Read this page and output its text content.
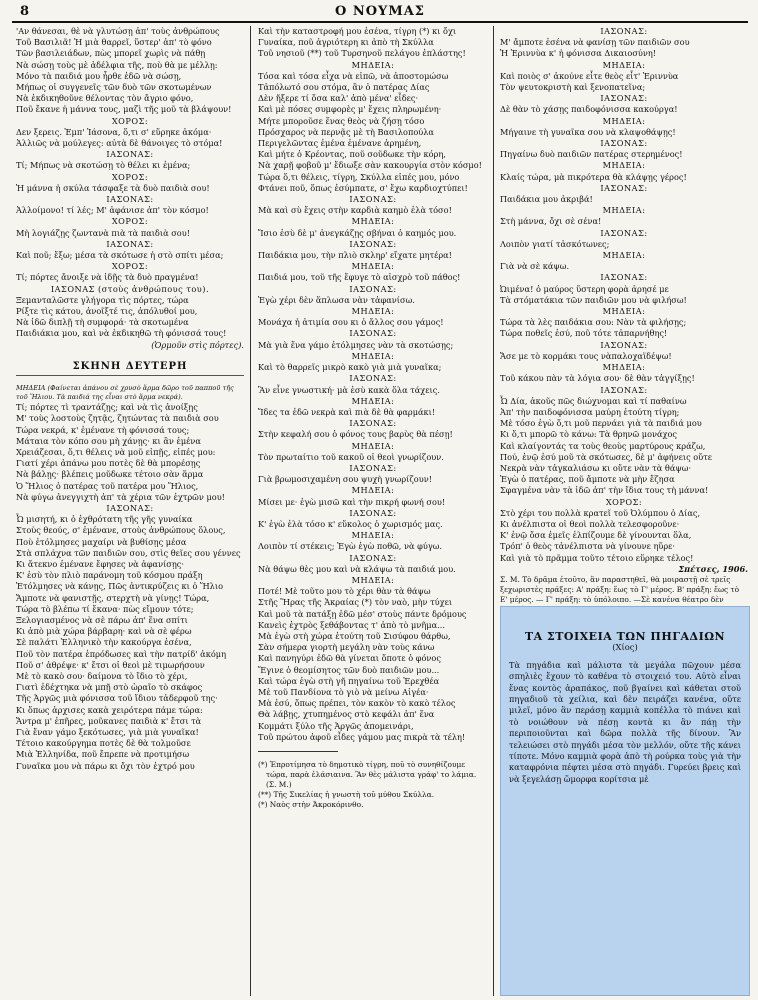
8	Ο ΝΟΥΜΑΣ
'Αν θάνεσαι, θὲ νὰ γλυτώσῃ ἀπ' τοὺς ἀνθρώπους
Τοῦ Βασιλιᾶ! Ἡ μιὰ θαρρεῖ, ὕστερ' ἀπ' τὸ φόνο
Τῶν βασιλειάδων, πὼς μπορεῖ χωρὶς νὰ πάθῃ
Νὰ σώσῃ τοὺς μὲ ἀδέλφια τῆς, ποὺ θὰ με μέλλῃ:
Μόνο τὰ παιδιά μου ἦρθε ἐδῶ νὰ σώσῃ,
Μήπως οἱ συγγενεῖς τῶν δυὸ τῶν σκοτωμένων
Νὰ ἐκδικηθοῦνε θέλοντας τὸν ἄγριο φόνο,
Ποῦ ἔκανε ἡ μάννα τους, μαζὶ τῆς μοῦ τὰ βλάψουν!
ΧΟΡΟΣ:
Δεν ξερεις. Ἐμπ' Ἰάσονα, ὅ,τι σ' εὕρηκε ἀκόμα·
Ἀλλιῶς νὰ μούλεγες: αὐτὰ δὲ θάνοιγες τὸ στόμα!
ΙΑΣΟΝΑΣ:
Τί; Μήπως νὰ σκοτώσῃ τὸ θέλει κι ἐμένα;
ΧΟΡΟΣ:
Ἡ μάννα ἡ σκύλα τάσφαξε τὰ δυὸ παιδιὰ σου!
ΙΑΣΟΝΑΣ:
Ἀλλοίμονο! τί λές; Μ' ἀφάνισε ἀπ' τὸν κόσμο!
ΧΟΡΟΣ:
Μὴ λογιάζῃς ζωντανὰ πιὰ τὰ παιδιὰ σου!
ΙΑΣΟΝΑΣ:
Καὶ ποῦ; ἔξω; μέσα τὰ σκότωσε ἡ στὸ σπίτι μέσα;
ΧΟΡΟΣ:
Τί; πόρτες ἄνοιξε νὰ ἰδῇς τὰ δυὸ πραγμένα!
ΙΑΣΟΝΑΣ (στοὺς ἀνθρώπους του).
Ξεμανταλῶστε γλήγορα τὶς πόρτες, τώρα
Ρίξτε τὶς κάτου, ἀνοῖξτέ τις, ἀπόλυθοί μου,
Νὰ ἰδῶ διπλῇ τὴ συμφορά· τὰ σκοτωμένα
Παιδιάκια μου, καὶ νὰ ἐκδικηθῶ τὴ φόνισσά τους!
(Ὁρμοῦν στὶς πόρτες).
ΣΚΗΝΗ ΔΕΥΤΕΡΗ
ΜΗΔΕΙΑ (Φαίνεται ἀπάνου σὲ χρυσὸ ἅρμα δῶρο τοῦ παπποῦ τῆς τοῦ Ἥλιου. Τὰ παιδιά της εἶναι στὸ ἅρμα νεκρά).
Τί; πόρτες τὶ τραντάζῃς; καὶ νὰ τὶς ἀνοίξῃς
Μ' τοὺς λοστοὺς ζητᾷς, ζητώντας τὰ παιδιὰ σου
Τώρα νεκρά, κ' ἐμένανε τὴ φόνισσά τους;
Μάταια τὸν κόπο σου μὴ χάνῃς· κι ἂν ἐμένα
Χρειάζεσαι, ὅ,τι θέλεις νὰ μοῦ εἰπῇς, εἰπές μου:
Γιατί χέρι ἀπάνω μου ποτὲς δὲ θὰ μπορέσῃς
Νὰ βάλῃς· βλέπεις μοῦδωκε τέτοιο σὰν ἅρμα
Ὁ Ἥλιος ὁ πατέρας τοῦ πατέρα μου Ἥλιος,
Νὰ φύγω ἀνεγγιχτὴ ἀπ' τὰ χέρια τῶν ἐχτρῶν μου!
ΙΑΣΟΝΑΣ:
Ὦ μισητή, κι ὁ ἐχθρότατη τῆς γῆς γυναίκα
Στοὺς θεούς, σ' ἐμένανε, στοὺς ἀνθρώπους ὅλους,
Ποὺ ἐτόλμησες μαχαίρι νὰ βυθίσῃς μέσα
Στὰ σπλάχνα τῶν παιδιῶν σου, στὶς θεῖες σου γέννες
Κι ἄτεκνο ἐμένανε ἔφησες νὰ ἀφανίσῃς·
Κ' ἐσὺ τὸν πλιὸ παράνομη τοῦ κόσμου πράξη
Ἐτόλμησες νὰ κάνῃς, Πῶς ἀντικρύζεις κι ὁ Ἥλιο
Ἄμποτε νὰ φανιστῇς, στερχτὴ νὰ γίνῃς! Τώρα,
Τώρα τὸ βλέπω τί ἔκανα· πὼς εἴμουν τότε;
Ξελογιασμένος νὰ σὲ πάρω ἀπ' ἕνα σπίτι
Κι ἀπὸ μιὰ χώρα βάρβαρη· καὶ νὰ σὲ φέρω
Σὲ παλάτι Ἑλληνικὸ τὴν κακούργα ἐσένα,
Ποῦ τὸν πατέρα ἐπρόδωσες καὶ τὴν πατρίδ' ἀκόμη
Ποῦ σ' ἀθρέψε· κ' ἔτσι οἱ θεοὶ μὲ τιμωρήσουν
Μὲ τὸ κακὸ σου· δαίμονα τὸ ἴδιο τὸ χέρι,
Γιατὶ ἐδέχτηκα νὰ μπῇ στὸ ὡραῖο τὸ σκάφος
Τῆς Ἀργῶς μιὰ φόνισσα τοῦ ἴδιου τἀδερφοῦ της·
Κι ὅπως ἀρχισες κακὰ χειρότερα πάμε τώρα:
Ἄντρα μ' ἐπῆρες, μοῦκανες παιδιὰ κ' ἔτσι τὰ
Γιὰ ἔναν γάμο ξεκότωσες, γιὰ μιὰ γυναῖκα!
Τέτοιο κακούργημα ποτὲς δὲ θὰ τολμοῦσε
Μιὰ Ἑλληνίδα, ποῦ ἔπρεπε νὰ προτιμήσω
Γυναῖκα μου νὰ πάρω κι ὄχι τὸν ἐχτρό μου
Καὶ τὴν καταστροφή μου ἐσένα, τίγρη (*) κι ὄχι
Γυναίκα, ποῦ ἀγριότερη κι ἀπὸ τὴ Σκύλλα
Τοῦ νησιοῦ (**) τοῦ Τυρσηνοῦ πελάγου ἐπλάστης!
ΜΗΔΕΙΑ:
Τόσα καὶ τόσα εἶχα νὰ εἰπῶ, νὰ ἀποστομώσω
Τἀπόλωτό σου στόμα, ἂν ὁ πατέρας Δίας
Δὲν ἤξερε τί ὅσα καλ' ἀπὸ μένα' εἶδες·
Καὶ μὲ πόσες συμφορὲς μ' ἔχεις πληρωμένη·
Μήτε μποροῦσε ἕνας θεὸς νὰ ζήσῃ τόσο
Πρόσχαρος νὰ περνᾷς μὲ τὴ Βασιλοπούλα
Περιγελῶντας ἐμένα ἐμένανε ἀρημένη,
Καὶ μήτε ὁ Κρέοντας, ποῦ σοῦδωκε τὴν κόρη,
Νὰ χαρῇ φοβοῦ μ' ἔδιωξε σὰν κακουργία στὸν κόσμο!
Τώρα ὅ,τι θέλεις, τίγρη, Σκύλλα εἰπές μου, μόνο
Φτάνει ποῦ, ὅπως ἐσύμπατε, σ' ἔχω καρδιοχτύπει!
ΙΑΣΟΝΑΣ:
Μὰ καὶ σὺ ἔχεις στὴν καρδιὰ καημὸ ἐλὰ τόσο!
ΜΗΔΕΙΑ:
Ἴσιο ἐσὺ δὲ μ' ἀνεγκάζῃς σβήναι ὁ καημός μου.
ΙΑΣΟΝΑΣ:
Παιδάκια μου, τὴν πλιὸ σκληρ' εἴχατε μητέρα!
ΜΗΔΕΙΑ:
Παιδιά μου, τοῦ τῆς ἔφυγε τὸ αἰσχρὸ τοῦ πάθος!
ΙΑΣΟΝΑΣ:
Ἐγὼ χέρι δὲν ἅπλωσα νὰν τἀφανίσω.
ΜΗΔΕΙΑ:
Μονάχα ἡ ἀτιμία σου κι ὁ ἄλλος σου γάμος!
ΙΑΣΟΝΑΣ:
Μὰ γιὰ ἕνα γάμο ἐτόλμησες νὰν τὰ σκοτώσῃς;
ΜΗΔΕΙΑ:
Καὶ τὸ θαρρεῖς μικρὸ κακὸ γιὰ μιὰ γυναῖκα;
ΙΑΣΟΝΑΣ:
Ἂν εἶνε γνωστική· μὰ ἐσὺ κακὰ ὅλα τάχεις.
ΜΗΔΕΙΑ:
Ἴδες τα ἐδῶ νεκρὰ καὶ πιὰ δὲ θὰ φαρμάκι!
ΙΑΣΟΝΑΣ:
Στὴν κεφαλή σου ὁ φόνος τους βαρὺς θὰ πέσῃ!
ΜΗΔΕΙΑ:
Τὸν πρωταίτιο τοῦ κακοῦ οἱ θεοὶ γνωρίζουν.
ΙΑΣΟΝΑΣ:
Γιὰ βρωμοσιχαμένη σου ψυχὴ γνωρίζουν!
ΜΗΔΕΙΑ:
Μίσει με· ἐγὼ μισῶ καὶ τὴν πικρή φωνή σου!
ΙΑΣΟΝΑΣ:
Κ' ἐγὼ ἐλὰ τόσο κ' εὔκολος ὁ χωρισμός μας.
ΜΗΔΕΙΑ:
Λοιπὸν τί στέκεις; Ἐγὼ ἐγὼ ποθῶ, νὰ φύγω.
ΙΑΣΟΝΑΣ:
Νὰ θάψω θὲς μου καὶ νὰ κλάψω τὰ παιδιά μου.
ΜΗΔΕΙΑ:
Ποτέ! Μὲ τοῦτο μου τὸ χέρι θὰν τὰ θάψω
Στῆς Ἥρας τῆς Ἀκραίας (*) τὸν ναὸ, μὴν τύχει
Καὶ μοῦ τὰ πατάξῃ ἐδῶ μέσ' στοὺς πάντε δρόμους
Κανεὶς ἐχτρὸς ξεθάβοντας τ' ἀπὸ τὸ μνῆμα...
Μὰ ἐγὼ στὴ χώρα ἐτούτη τοῦ Σισύφου θάρθω,
Σὰν σήμερα γιορτὴ μεγάλη νὰν τοὺς κάνω
Καὶ πανηγύρι ἐδῶ θὰ γίνεται ὅποτε ὁ φόνος
Ἔγινε ὁ θεομίσητος τῶν δυὸ παιδιῶν μου...
Καὶ τώρα ἐγὼ στὴ γῆ πηγαίνω τοῦ Ἐρεχθέα
Μὲ τοῦ Πανδίονα τὸ γιὸ νὰ μείνω Αἰγέα·
Μὰ ἐσύ, ὅπως πρέπει, τὸν κακὸν τὸ κακὸ τέλος
Θὰ λάβῃς, χτυπημένος στὸ κεφάλι ἀπ' ἕνα
Κομμάτι ξύλο τῆς Ἀργῶς ἀπομεινάρι,
Τοῦ πρώτου ἀφοῦ εἶδες γάμου μας πικρὰ τὰ τέλη!
(*) Ἐπροτίμησα τὸ δημοτικὸ τίγρη, ποῦ τὸ συνηθίζουμε τώρα, παρὰ ἐλάσιαινα. Ἂν θὲς μάλιστα γράφ' το λάμια. (Σ. Μ.)
(**) Τῆς Σικελίας ἡ γνωστὴ τοῦ μύθου Σκύλλα.
(*) Ναὸς στὴν Ἀκροκόρινθο.
ΙΑΣΟΝΑΣ:
Μ' ἄμποτε ἐσένα νὰ φανίσῃ τῶν παιδιῶν σου
Ἡ Ἐριννὺα κ' ἡ φόνισσα Δικαιοσύνη!
ΜΗΔΕΙΑ:
Καὶ ποιὸς σ' ἀκούνε εἶτε θεὸς εἶτ' Ἐριννὺα
Τὸν ψευτοκριστὴ καὶ ξενοπατεῖνα;
ΙΑΣΟΝΑΣ:
Δὲ θὰν τὸ χάσῃς παιδοφόνισσα κακούργα!
ΜΗΔΕΙΑ:
Μήγαινε τὴ γυναῖκα σου νὰ κλαψοθάψῃς!
ΙΑΣΟΝΑΣ:
Πηγαίνω δυὸ παιδιῶν πατέρας στερημένος!
ΜΗΔΕΙΑ:
Κλαίς τώρα, μὰ πικρότερα θὰ κλάψῃς γέρος!
ΙΑΣΟΝΑΣ:
Παιδάκια μου ἀκριβά!
ΜΗΔΕΙΑ:
Στὴ μάννα, ὄχι σὲ σένα!
ΙΑΣΟΝΑΣ:
Λοιπὸν γιατί τἀσκότωνες;
ΜΗΔΕΙΑ:
Γιὰ νὰ σὲ κάψω.
ΙΑΣΟΝΑΣ:
Ὠιμένα! ὁ μαύρος ὕστερη φορὰ ἀρησέ με
Τὰ στόματάκια τῶν παιδιῶν μου νὰ φιλήσω!
ΜΗΔΕΙΑ:
Τώρα τὰ λὲς παιδάκια σου: Νὰν τὰ φιλήσῃς;
Τώρα ποθεῖς ἐσύ, ποῦ τότε τἀπαρνήθης!
ΙΑΣΟΝΑΣ:
Ἄσε με τὸ κορμάκι τους νὰπαλοχαϊδέψω!
ΜΗΔΕΙΑ:
Τοῦ κάκου πὰν τὰ λόγια σου· δὲ θὰν τἀγγίξῃς!
ΙΑΣΟΝΑΣ:
Ὦ Δία, ἀκοῦς πῶς διώχνομαι καὶ τί παθαίνω
Ἀπ' τὴν παιδοφόνισσα μαύρη ἐτούτη τίγρη;
Μὲ τόσο ἐγὼ ὅ,τι μοῦ περνάει γιὰ τὰ παιδιά μου
Κι ὅ,τι μπορῶ τὸ κάνω: Τὰ θρηνῶ μονάχος
Καὶ κλαίγοντάς τα τοὺς θεοὺς μαρτύρους κράζω,
Πού, ἐνῷ ἐσύ μοῦ τὰ σκότωσες, δὲ μ' ἀφήνεις οὔτε
Νεκρὰ νὰν τἀγκαλιάσω κι οὔτε νὰν τὰ θάψω·
Ἐγὼ ὁ πατέρας, ποῦ ἄμποτε νὰ μὴν ἔζησα
Σφαγμένα νὰν τὰ ἰδῶ ἀπ' τὴν ἴδια τους τὴ μάννα!
ΧΟΡΟΣ:
Στὸ χέρι του πολλὰ κρατεῖ τοῦ Ὀλύμπου ὁ Δίας,
Κι ἀνέλπιστα οἱ θεοὶ πολλὰ τελεσφοροῦνε·
Κ' ἐνῷ ὅσα ἐμεῖς ἐλπίζουμε δὲ γίνουνται ὅλα,
Τρόπ' ὁ θεὸς τἀνέλπιστα νὰ γίνουνε ηὕρε·
Καὶ γιὰ τὸ πρᾶμμα τοῦτο τέτοιο εὕρηκε τέλος!
Σπέτσες, 1906.
Σ. Μ. Τὸ δρᾶμα ἐτοῦτο, ἂν παραστηθεῖ, θὰ μοιραστῇ σὲ τρεῖς ξεχωριστὲς πράξες: Α' πράξη: ἕως τὸ Γ' μέρος. Β' πράξη: ἕως τὸ Ε' μέρος. — Γ' πράξη: τὸ ὑπόλοιπο. —Σὲ κανένα θέατρο δὲν
ΤΑ ΣΤΟΙΧΕΙΑ ΤΩΝ ΠΗΓΑΔΙΩΝ
(Χίος)
Τὰ πηγάδια καὶ μάλιστα τὰ μεγάλα πῶχουν μέσα σπηλιὲς ἔχουν τὸ καθένα τὸ στοιχειό του. Αὐτὸ εἶναι ἕνας κοντὸς ἀραπάκος, ποῦ βγαίνει καὶ κάθεται στοῦ πηγαδιοῦ τὰ χείλια, καὶ δὲν πειράζει κανένα, οὔτε μιλεῖ, μόνο ἂν περάσῃ καμμιὰ κοπέλλα τὸ πιάνει καὶ τὸ νοιώθουν νὰ πέσῃ κοντὰ κι ἂν πάῃ τὴν περιποιοῦνται καὶ δῶρα πολλὰ τῆς δίνουν. Ἂν τελειώσει στὸ πηγάδι μέσα τὸν μελλόν, οὔτε τῆς κάνει τίποτε. Μόνο καμμιὰ φορὰ ἀπὸ τὴ ρούρκα τοὺς γιὰ τὴν καταφρόνια πέφτει μέσα στὸ πηγάδι. Γυρεύει βρεις καὶ νὰ ξεγελάσῃ ὥμορφα κορίτσια μὲ
